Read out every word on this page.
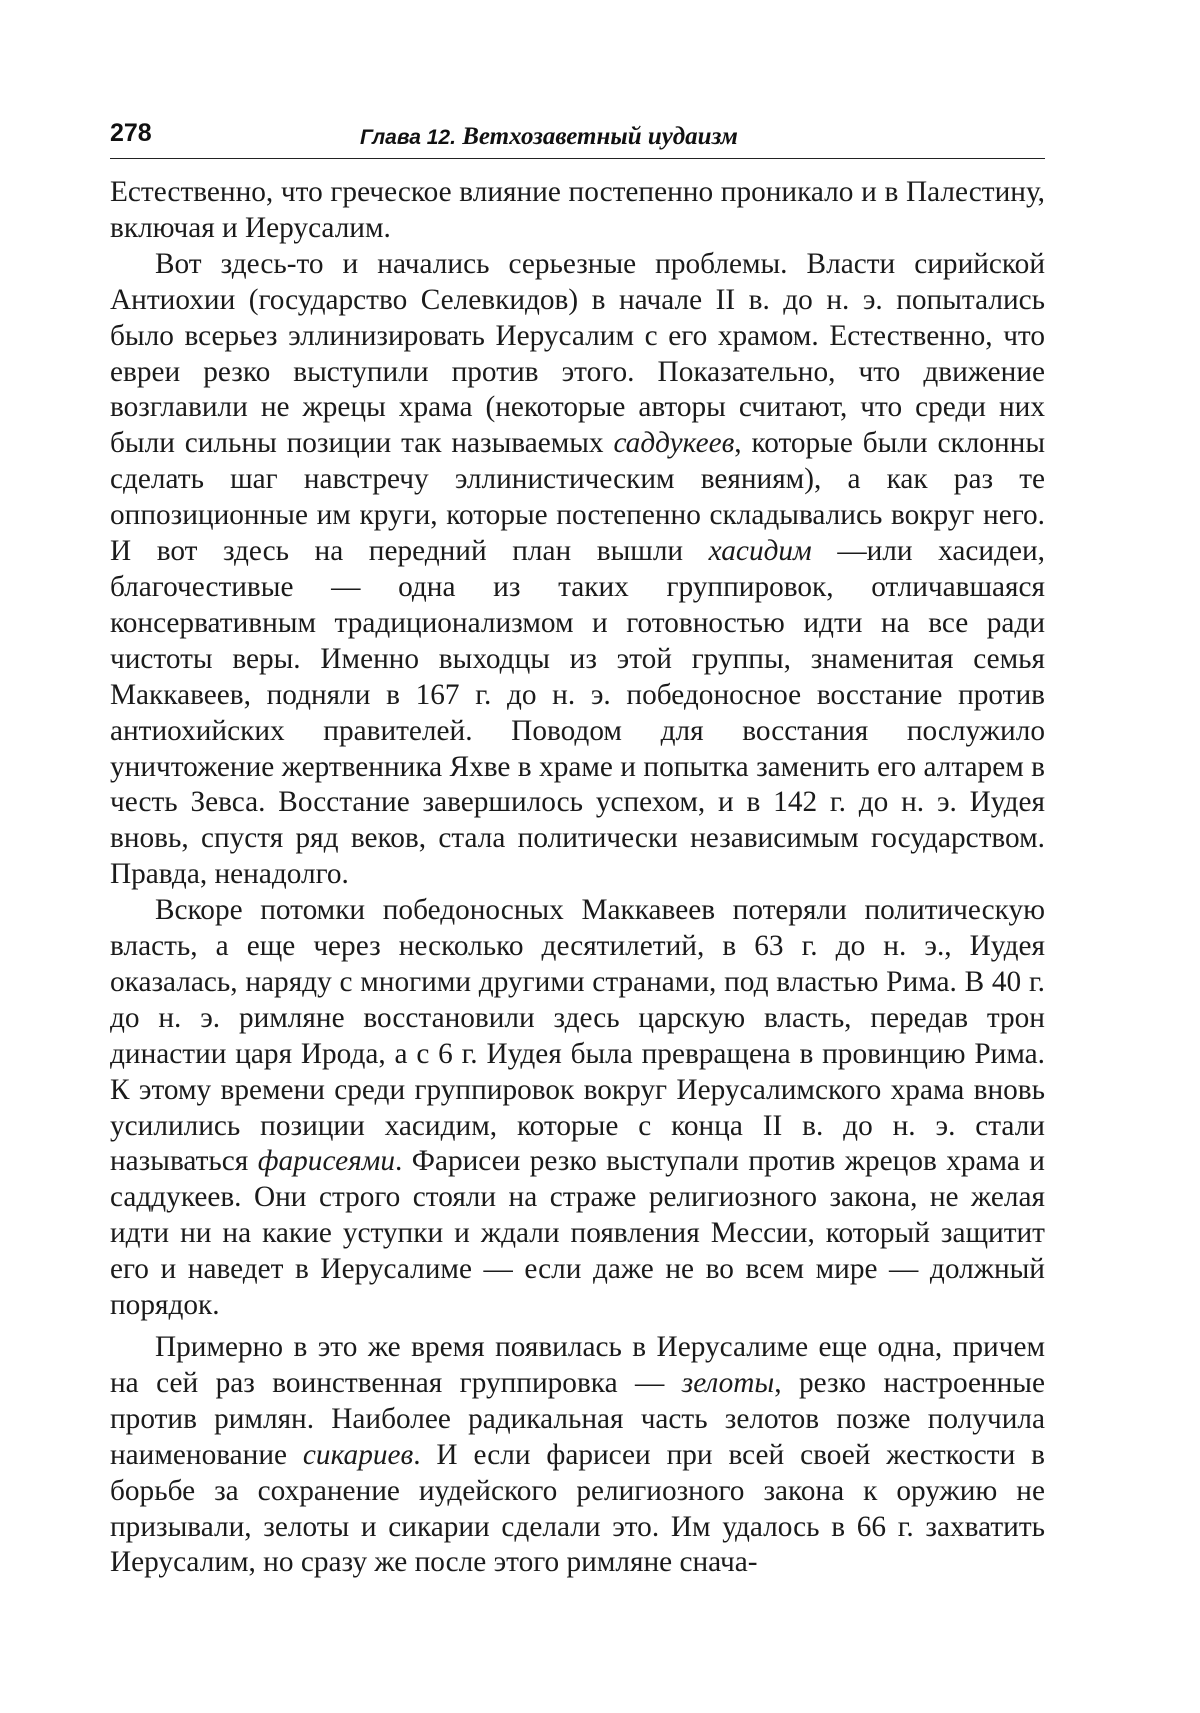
278	Глава 12. Ветхозаветный иудаизм

Естественно, что греческое влияние постепенно проникало и в Палестину, включая и Иерусалим.

Вот здесь-то и начались серьезные проблемы. Власти сирийской Антиохии (государство Селевкидов) в начале II в. до н. э. попытались было всерьез эллинизировать Иерусалим с его храмом. Естественно, что евреи резко выступили против этого. Показательно, что движение возглавили не жрецы храма (некоторые авторы считают, что среди них были сильны позиции так называемых саддукеев, которые были склонны сделать шаг навстречу эллинистическим веяниям), а как раз те оппозиционные им круги, которые постепенно складывались вокруг него. И вот здесь на передний план вышли хасидим —или хасидеи, благочестивые — одна из таких группировок, отличавшаяся консервативным традиционализмом и готовностью идти на все ради чистоты веры. Именно выходцы из этой группы, знаменитая семья Маккавеев, подняли в 167 г. до н. э. победоносное восстание против антиохийских правителей. Поводом для восстания послужило уничтожение жертвенника Яхве в храме и попытка заменить его алтарем в честь Зевса. Восстание завершилось успехом, и в 142 г. до н. э. Иудея вновь, спустя ряд веков, стала политически независимым государством. Правда, ненадолго.

Вскоре потомки победоносных Маккавеев потеряли политическую власть, а еще через несколько десятилетий, в 63 г. до н. э., Иудея оказалась, наряду с многими другими странами, под властью Рима. В 40 г. до н. э. римляне восстановили здесь царскую власть, передав трон династии царя Ирода, а с 6 г. Иудея была превращена в провинцию Рима. К этому времени среди группировок вокруг Иерусалимского храма вновь усилились позиции хасидим, которые с конца II в. до н. э. стали называться фарисеями. Фарисеи резко выступали против жрецов храма и саддукеев. Они строго стояли на страже религиозного закона, не желая идти ни на какие уступки и ждали появления Мессии, который защитит его и наведет в Иерусалиме — если даже не во всем мире — должный порядок.

Примерно в это же время появилась в Иерусалиме еще одна, причем на сей раз воинственная группировка — зелоты, резко настроенные против римлян. Наиболее радикальная часть зелотов позже получила наименование сикариев. И если фарисеи при всей своей жесткости в борьбе за сохранение иудейского религиозного закона к оружию не призывали, зелоты и сикарии сделали это. Им удалось в 66 г. захватить Иерусалим, но сразу же после этого римляне снача-
